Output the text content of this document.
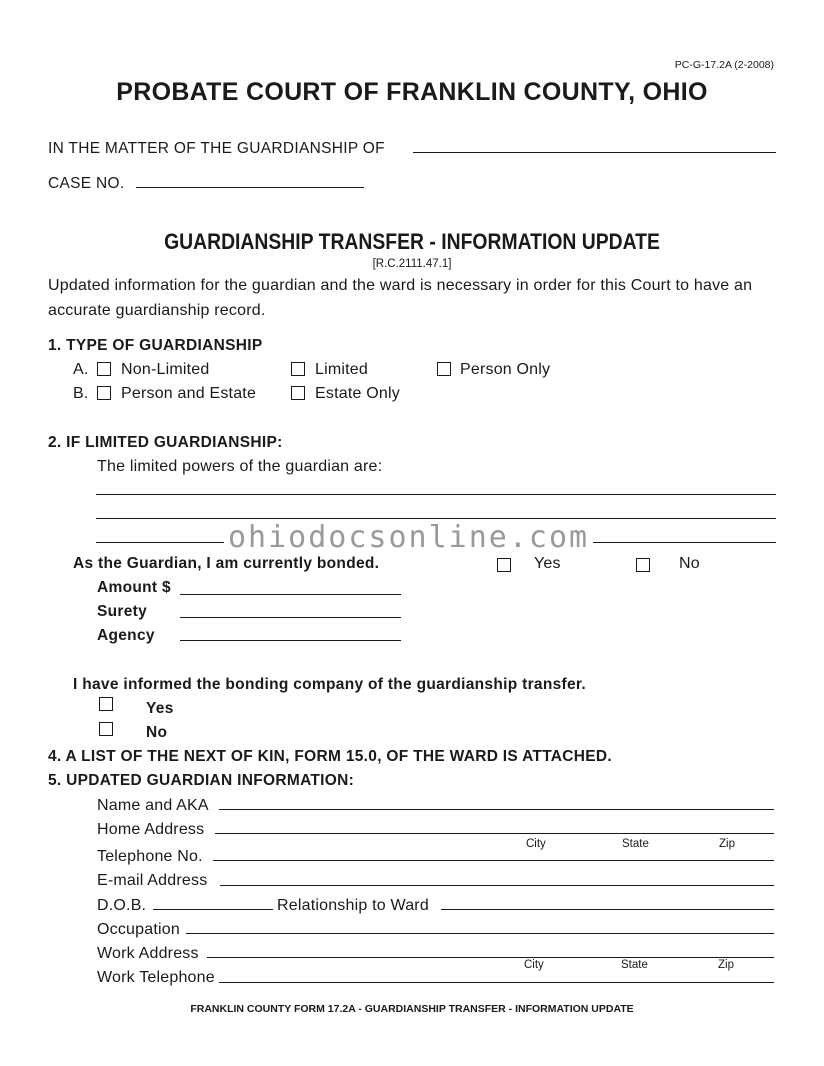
PC-G-17.2A (2-2008)
PROBATE COURT OF FRANKLIN COUNTY, OHIO
IN THE MATTER OF THE GUARDIANSHIP OF
CASE NO.
GUARDIANSHIP TRANSFER - INFORMATION UPDATE
[R.C.2111.47.1]
Updated information for the guardian and the ward is necessary in order for this Court to have an
accurate guardianship record.
1. TYPE OF GUARDIANSHIP
A. Non-Limited	Limited	Person Only
B. Person and Estate	Estate Only
2. IF LIMITED GUARDIANSHIP:
The limited powers of the guardian are:
ohiodocsonline.com
As the Guardian, I am currently bonded.	Yes	No
Amount $
Surety
Agency
I have informed the bonding company of the guardianship transfer.
Yes
No
4. A LIST OF THE NEXT OF KIN, FORM 15.0, OF THE WARD IS ATTACHED.
5. UPDATED GUARDIAN INFORMATION:
Name and AKA
Home Address
City	State	Zip
Telephone No.
E-mail Address
D.O.B.	Relationship to Ward
Occupation
Work Address
City	State	Zip
Work Telephone
FRANKLIN COUNTY FORM 17.2A - GUARDIANSHIP TRANSFER - INFORMATION UPDATE
